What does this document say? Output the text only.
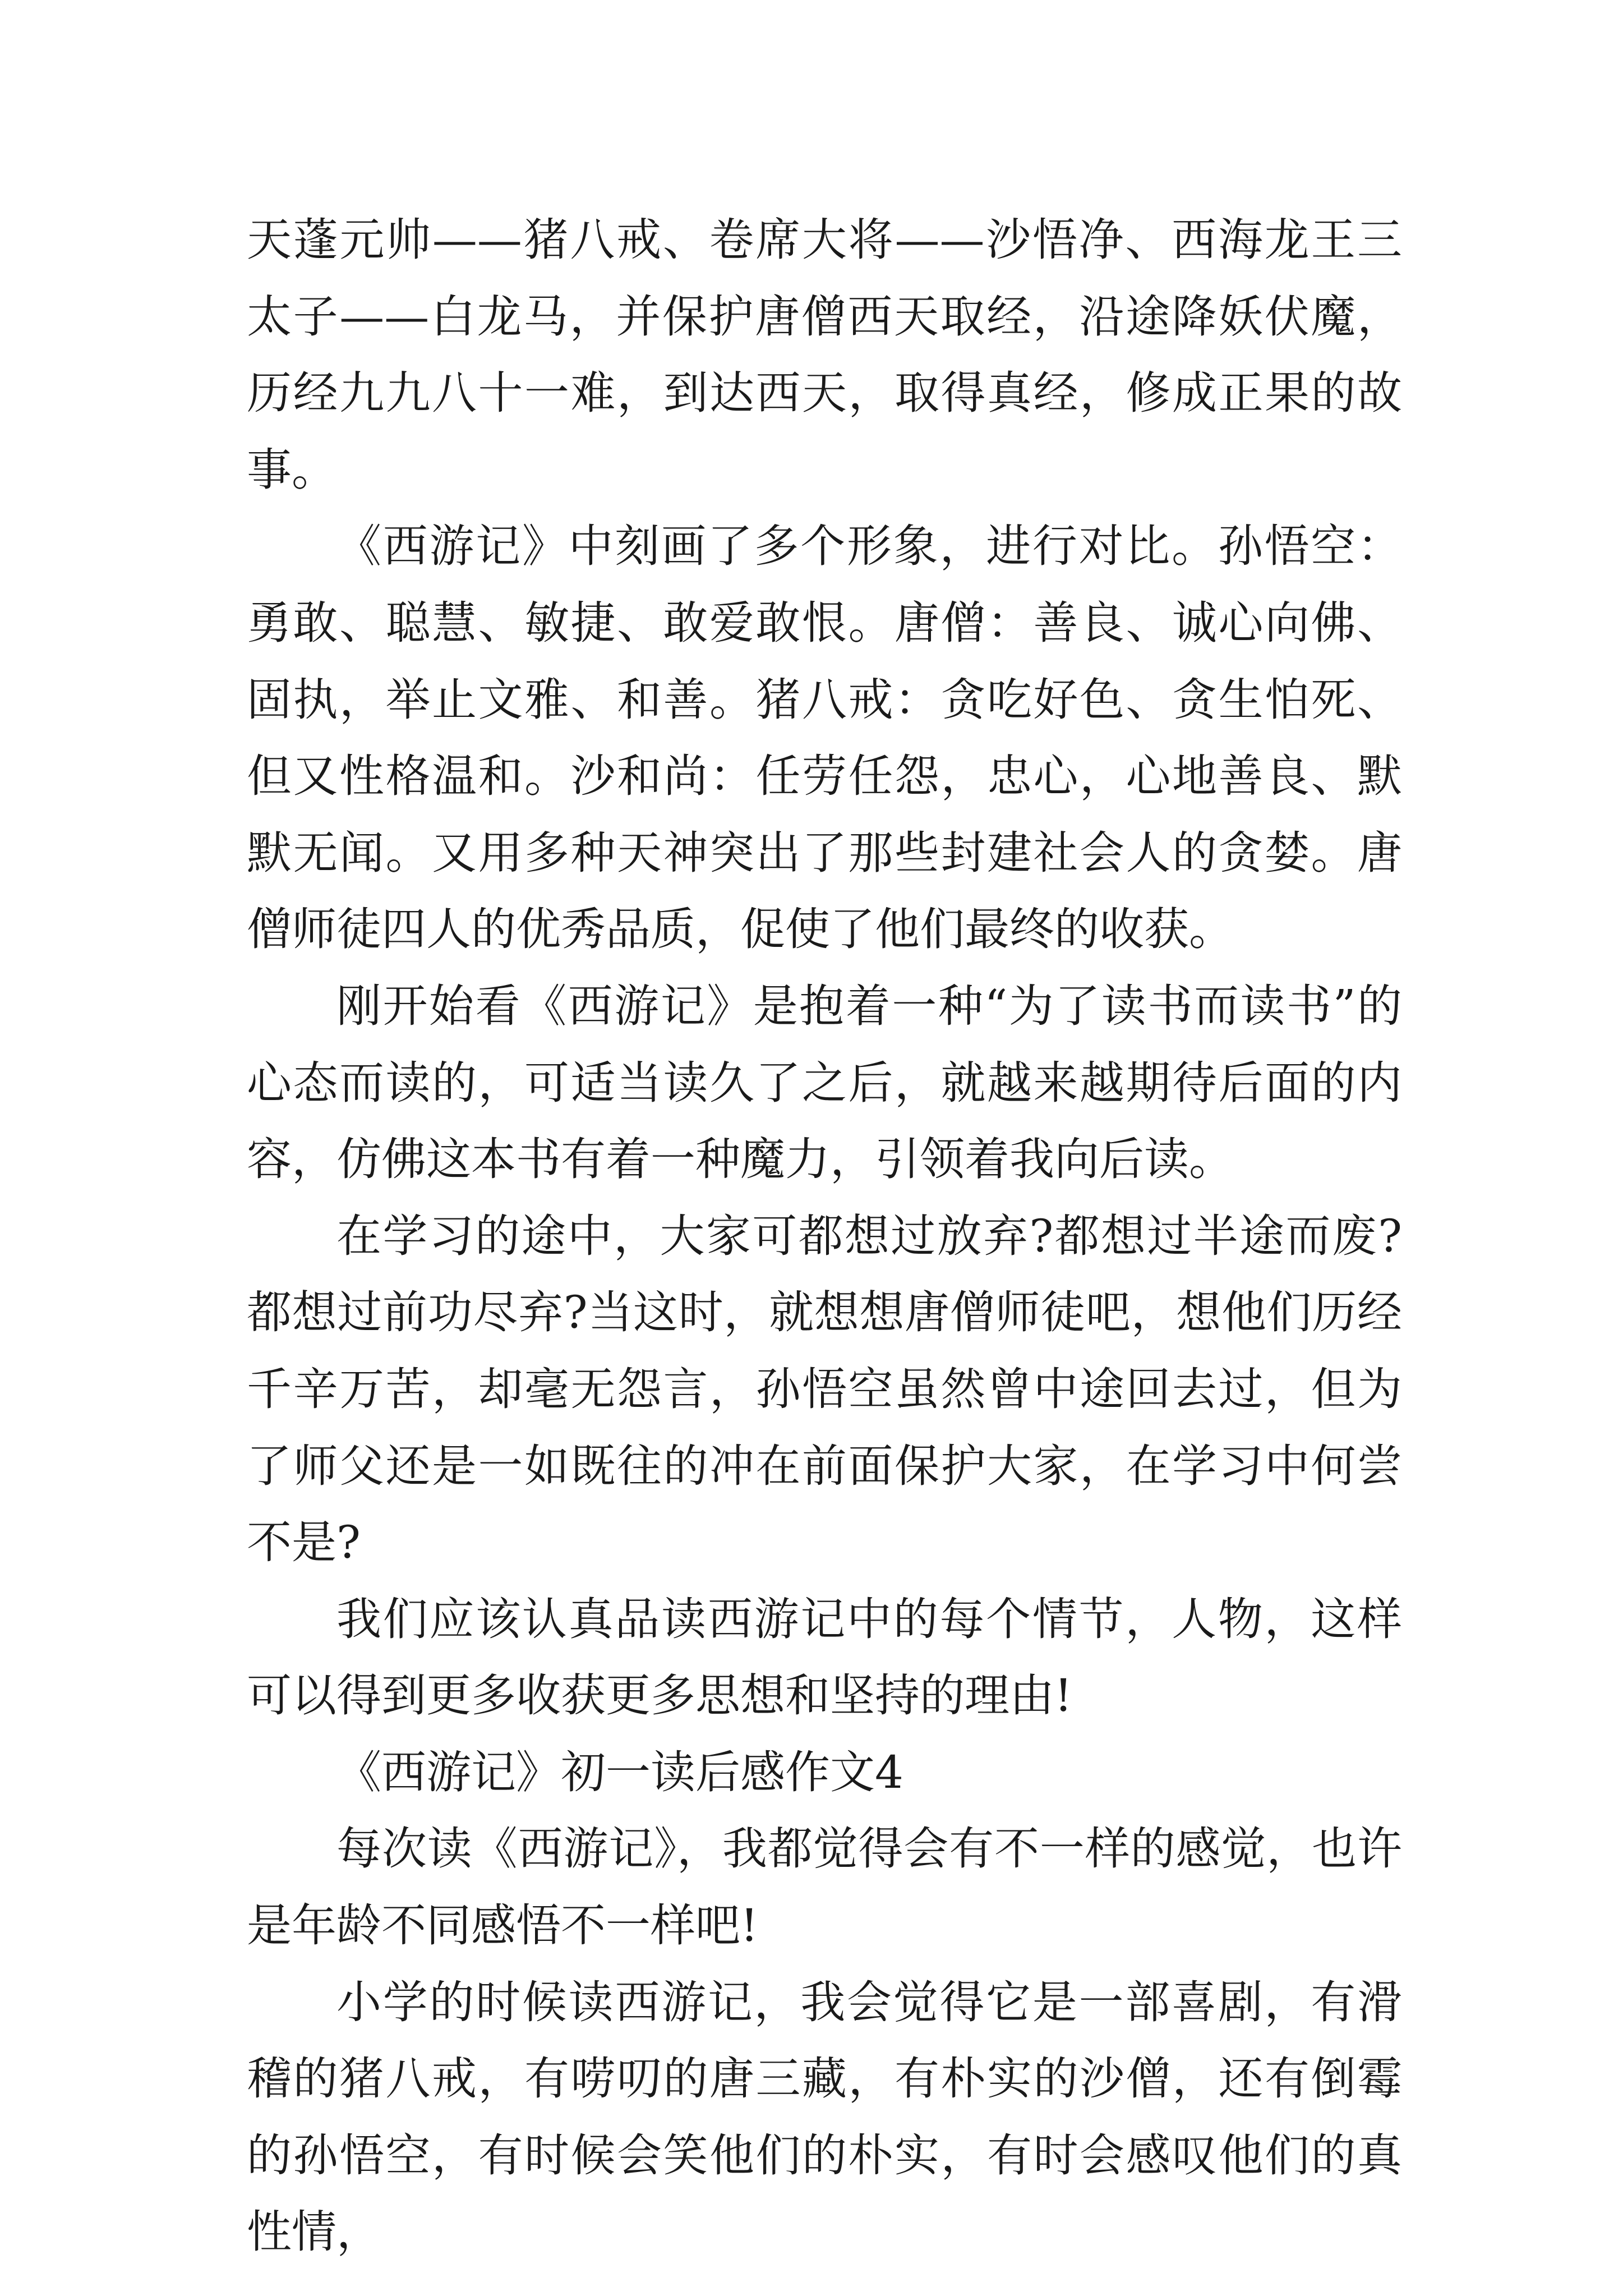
天蓬元帅——猪八戒、卷席大将——沙悟净、西海龙王三太子——白龙马，并保护唐僧西天取经，沿途降妖伏魔，历经九九八十一难，到达西天，取得真经，修成正果的故事。

《西游记》中刻画了多个形象，进行对比。孙悟空：勇敢、聪慧、敏捷、敢爱敢恨。唐僧：善良、诚心向佛、固执，举止文雅、和善。猪八戒：贪吃好色、贪生怕死、但又性格温和。沙和尚：任劳任怨，忠心，心地善良、默默无闻。又用多种天神突出了那些封建社会人的贪婪。唐僧师徒四人的优秀品质，促使了他们最终的收获。

刚开始看《西游记》是抱着一种“为了读书而读书”的心态而读的，可适当读久了之后，就越来越期待后面的内容，仿佛这本书有着一种魔力，引领着我向后读。

在学习的途中，大家可都想过放弃?都想过半途而废?都想过前功尽弃?当这时，就想想唐僧师徒吧，想他们历经千辛万苦，却毫无怨言，孙悟空虽然曾中途回去过，但为了师父还是一如既往的冲在前面保护大家，在学习中何尝不是?

我们应该认真品读西游记中的每个情节，人物，这样可以得到更多收获更多思想和坚持的理由!

《西游记》初一读后感作文4

每次读《西游记》，我都觉得会有不一样的感觉，也许是年龄不同感悟不一样吧!

小学的时候读西游记，我会觉得它是一部喜剧，有滑稽的猪八戒，有唠叨的唐三藏，有朴实的沙僧，还有倒霉的孙悟空，有时候会笑他们的朴实，有时会感叹他们的真性情，
